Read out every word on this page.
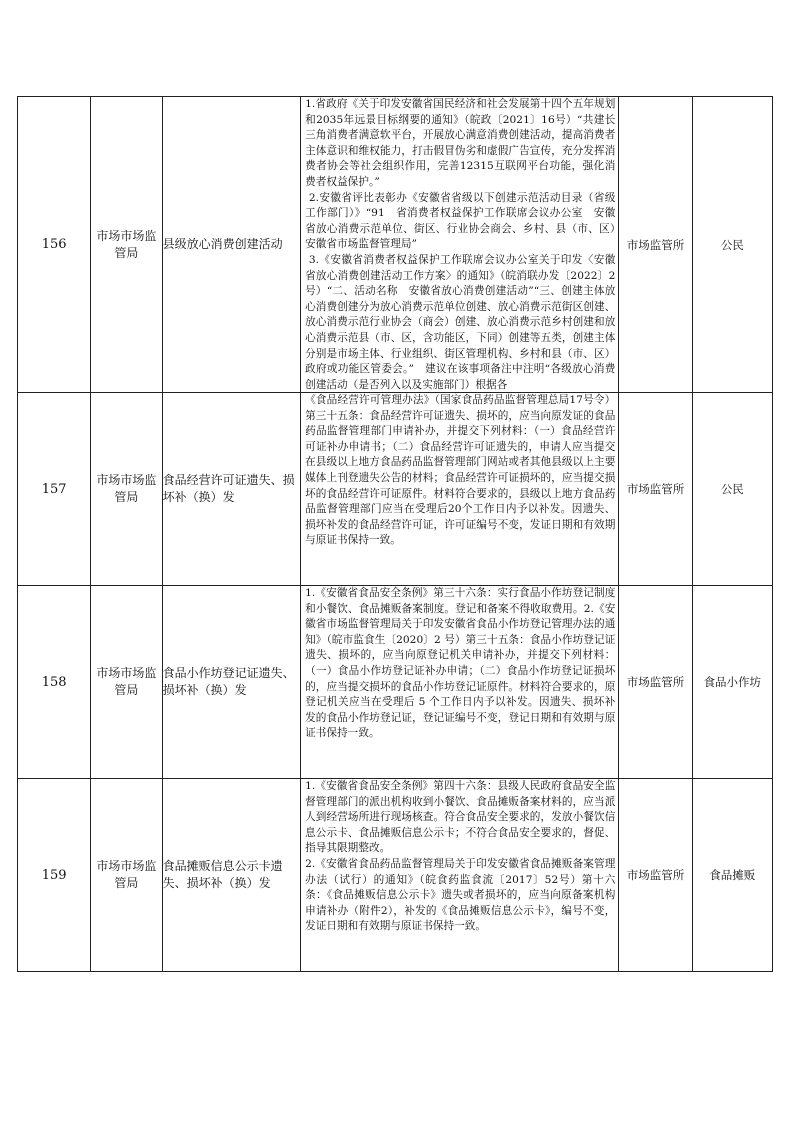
156	市场市场监管局	县级放心消费创建活动	1.省政府《关于印发安徽省国民经济和社会发展第十四个五年规划和2035年远景目标纲要的通知》（皖政〔2021〕16号）“共建长三角消费者满意软平台，开展放心满意消费创建活动，提高消费者主体意识和维权能力，打击假冒伪劣和虚假广告宣传，充分发挥消费者协会等社会组织作用，完善12315互联网平台功能，强化消费者权益保护。”

2.安徽省评比表彰办《安徽省省级以下创建示范活动目录（省级工作部门）》“91　省消费者权益保护工作联席会议办公室　安徽省放心消费示范单位、街区、行业协会商会、乡村、县（市、区）　安徽省市场监督管理局”

3.《安徽省消费者权益保护工作联席会议办公室关于印发〈安徽省放心消费创建活动工作方案〉的通知》（皖消联办发〔2022〕2号）“二、活动名称　安徽省放心消费创建活动”“三、创建主体放心消费创建分为放心消费示范单位创建、放心消费示范街区创建、放心消费示范行业协会（商会）创建、放心消费示范乡村创建和放心消费示范县（市、区，含功能区，下同）创建等五类，创建主体分别是市场主体、行业组织、街区管理机构、乡村和县（市、区）政府或功能区管委会。”　建议在该事项备注中注明“各级放心消费创建活动（是否列入以及实施部门）根据各	市场监管所	公民
157	市场市场监管局	食品经营许可证遗失、损坏补（换）发	《食品经营许可管理办法》（国家食品药品监督管理总局17号令）第三十五条：食品经营许可证遗失、损坏的，应当向原发证的食品药品监督管理部门申请补办，并提交下列材料：（一）食品经营许可证补办申请书；（二）食品经营许可证遗失的，申请人应当提交在县级以上地方食品药品监督管理部门网站或者其他县级以上主要媒体上刊登遗失公告的材料；食品经营许可证损坏的，应当提交损坏的食品经营许可证原件。材料符合要求的，县级以上地方食品药品监督管理部门应当在受理后20个工作日内予以补发。因遗失、损坏补发的食品经营许可证，许可证编号不变，发证日期和有效期与原证书保持一致。	市场监管所	公民
158	市场市场监管局	食品小作坊登记证遗失、损坏补（换）发	1.《安徽省食品安全条例》第三十六条：实行食品小作坊登记制度和小餐饮、食品摊贩备案制度。登记和备案不得收取费用。2.《安徽省市场监督管理局关于印发安徽省食品小作坊登记管理办法的通知》（皖市监食生〔2020〕2 号）第三十五条：食品小作坊登记证遗失、损坏的，应当向原登记机关申请补办，并提交下列材料：（一）食品小作坊登记证补办申请；（二）食品小作坊登记证损坏的，应当提交损坏的食品小作坊登记证原件。材料符合要求的，原登记机关应当在受理后 5 个工作日内予以补发。因遗失、损坏补发的食品小作坊登记证，登记证编号不变，登记日期和有效期与原证书保持一致。	市场监管所	食品小作坊
159	市场市场监管局	食品摊贩信息公示卡遗失、损坏补（换）发	1.《安徽省食品安全条例》第四十六条：县级人民政府食品安全监督管理部门的派出机构收到小餐饮、食品摊贩备案材料的，应当派人到经营场所进行现场核查。符合食品安全要求的，发放小餐饮信息公示卡、食品摊贩信息公示卡；不符合食品安全要求的，督促、指导其限期整改。

2.《安徽省食品药品监督管理局关于印发安徽省食品摊贩备案管理办法（试行）的通知》（皖食药监食流〔2017〕52号）第十六条：《食品摊贩信息公示卡》遗失或者损坏的，应当向原备案机构申请补办（附件2），补发的《食品摊贩信息公示卡》，编号不变，发证日期和有效期与原证书保持一致。	市场监管所	食品摊贩
